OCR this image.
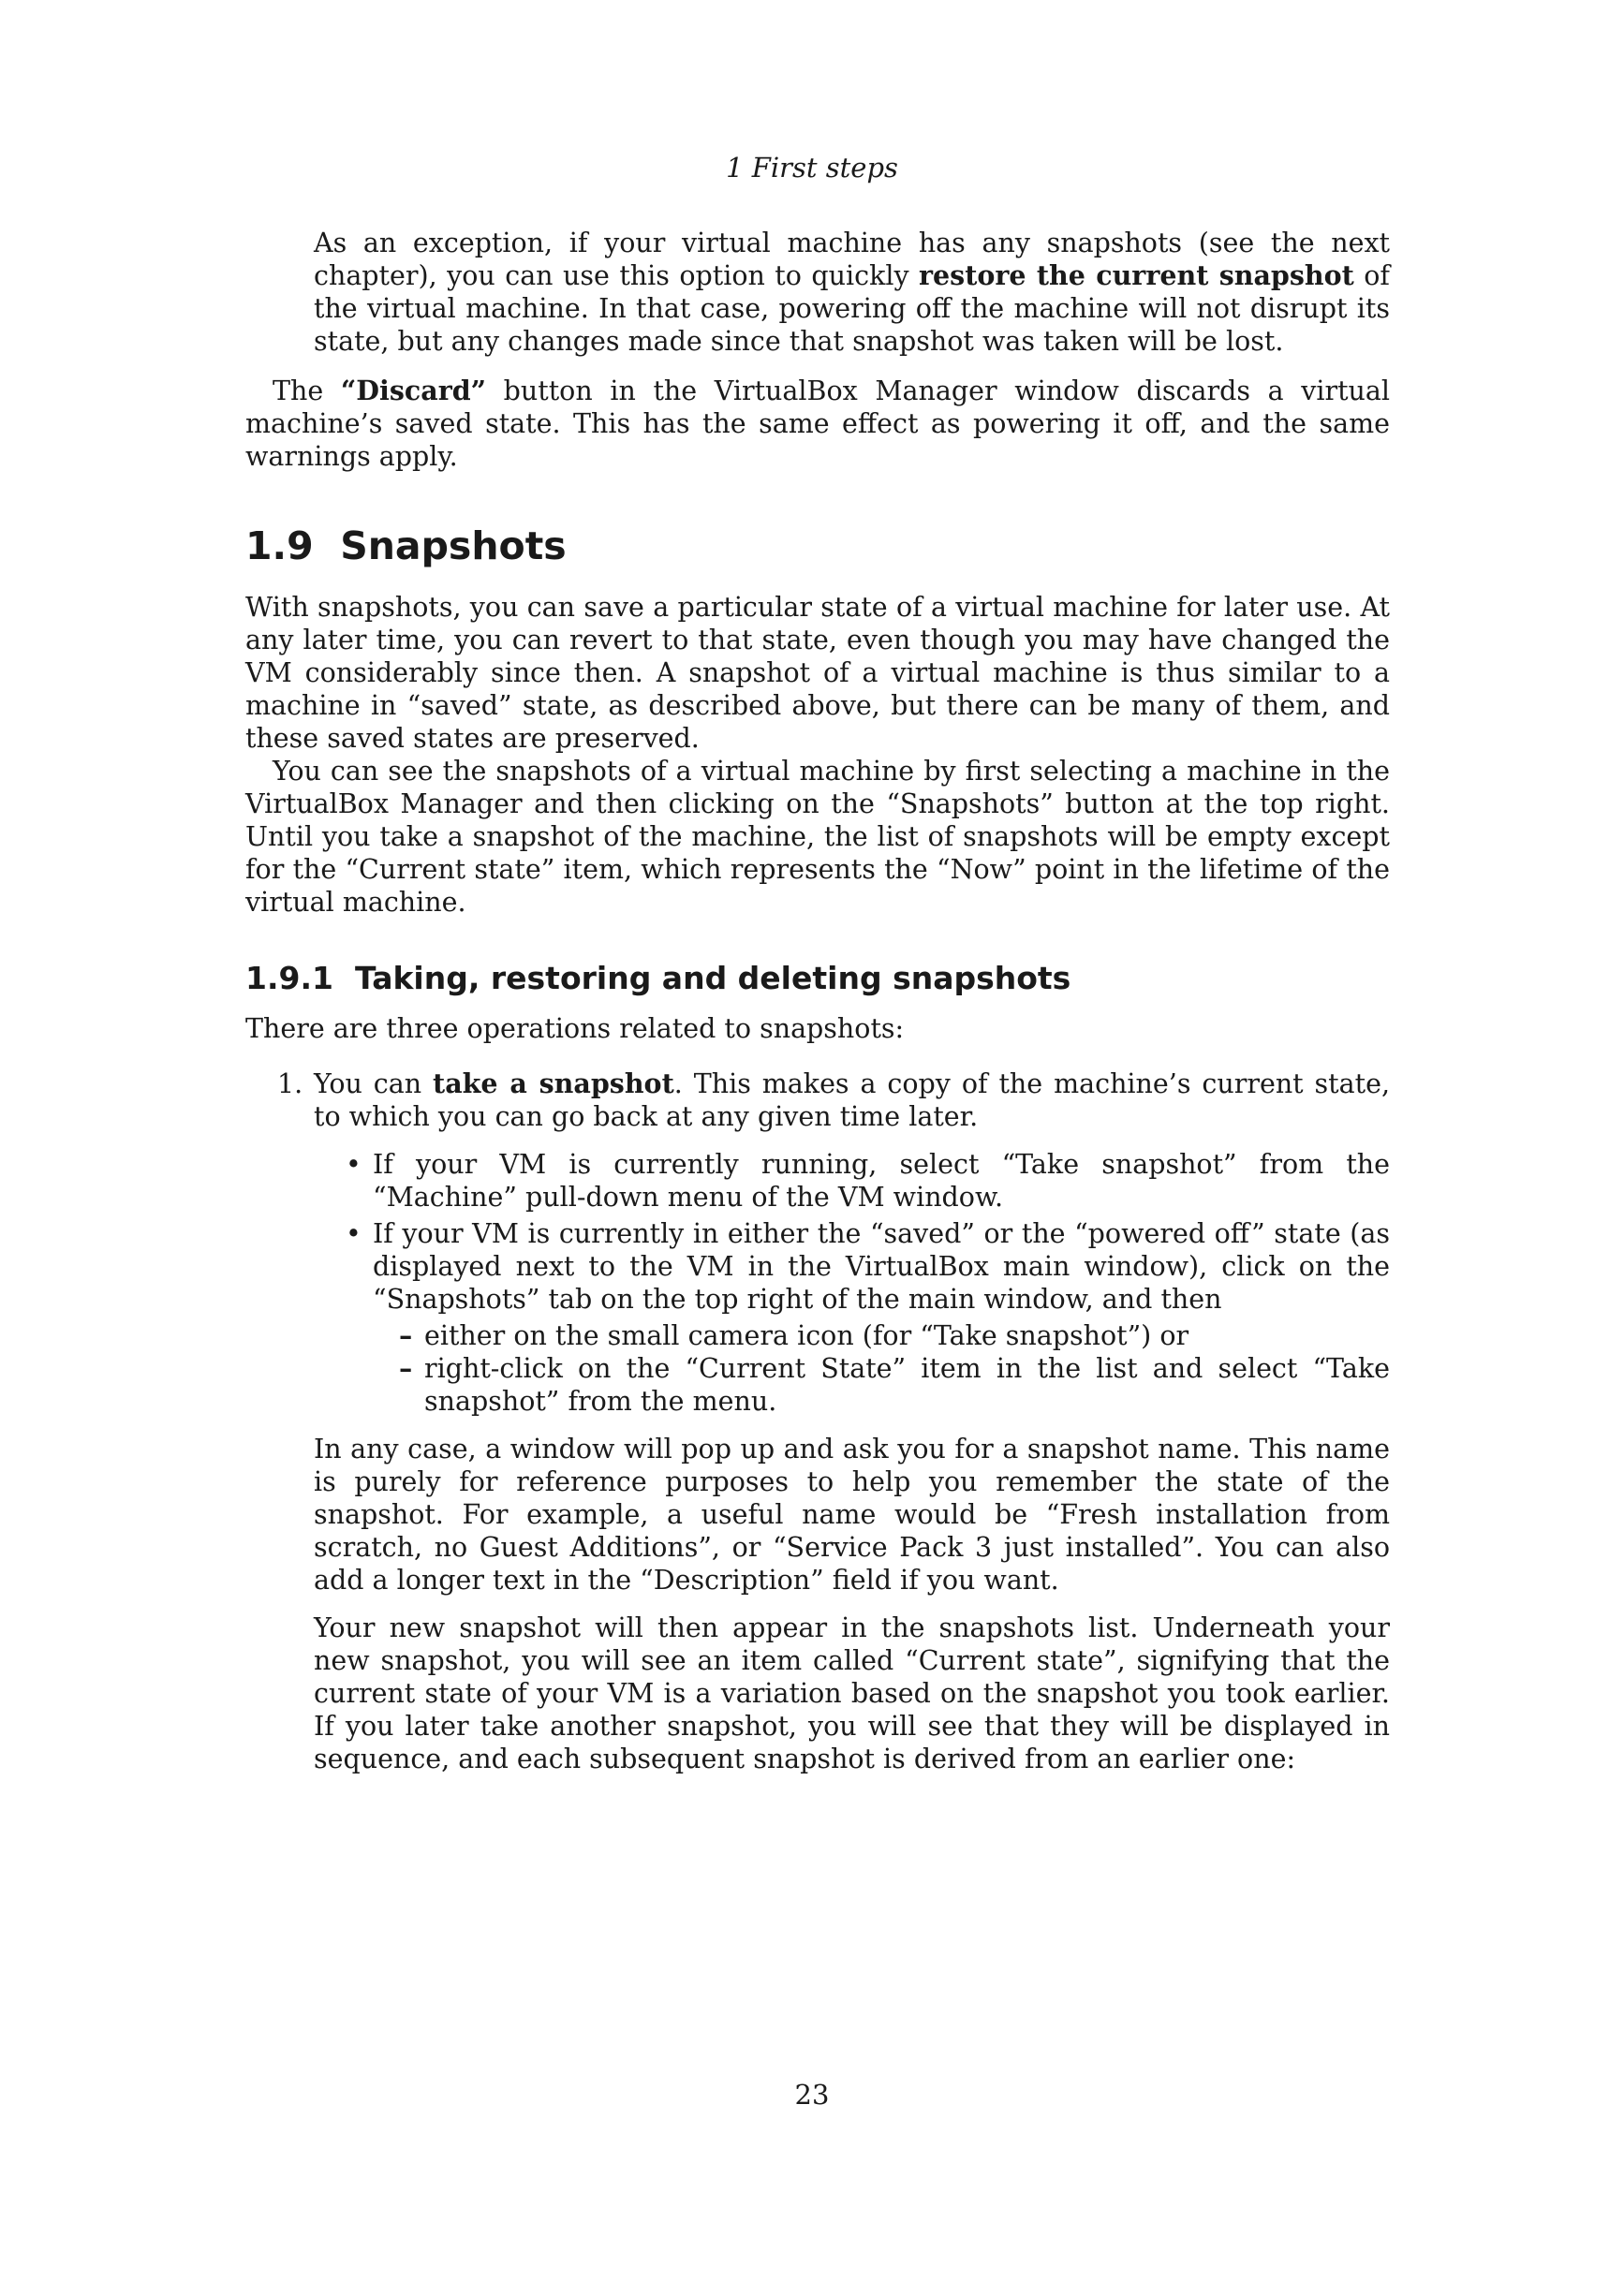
1 First steps

As an exception, if your virtual machine has any snapshots (see the next chapter), you can use this option to quickly restore the current snapshot of the virtual machine. In that case, powering off the machine will not disrupt its state, but any changes made since that snapshot was taken will be lost.

The “Discard” button in the VirtualBox Manager window discards a virtual machine’s saved state. This has the same effect as powering it off, and the same warnings apply.

1.9 Snapshots

With snapshots, you can save a particular state of a virtual machine for later use. At any later time, you can revert to that state, even though you may have changed the VM considerably since then. A snapshot of a virtual machine is thus similar to a machine in “saved” state, as described above, but there can be many of them, and these saved states are preserved.

You can see the snapshots of a virtual machine by first selecting a machine in the VirtualBox Manager and then clicking on the “Snapshots” button at the top right. Until you take a snapshot of the machine, the list of snapshots will be empty except for the “Current state” item, which represents the “Now” point in the lifetime of the virtual machine.

1.9.1 Taking, restoring and deleting snapshots

There are three operations related to snapshots:

1. You can take a snapshot. This makes a copy of the machine’s current state, to which you can go back at any given time later.

• If your VM is currently running, select “Take snapshot” from the “Machine” pull-down menu of the VM window.

• If your VM is currently in either the “saved” or the “powered off” state (as displayed next to the VM in the VirtualBox main window), click on the “Snapshots” tab on the top right of the main window, and then

– either on the small camera icon (for “Take snapshot”) or

– right-click on the “Current State” item in the list and select “Take snapshot” from the menu.

In any case, a window will pop up and ask you for a snapshot name. This name is purely for reference purposes to help you remember the state of the snapshot. For example, a useful name would be “Fresh installation from scratch, no Guest Additions”, or “Service Pack 3 just installed”. You can also add a longer text in the “Description” field if you want.

Your new snapshot will then appear in the snapshots list. Underneath your new snapshot, you will see an item called “Current state”, signifying that the current state of your VM is a variation based on the snapshot you took earlier. If you later take another snapshot, you will see that they will be displayed in sequence, and each subsequent snapshot is derived from an earlier one:

23
